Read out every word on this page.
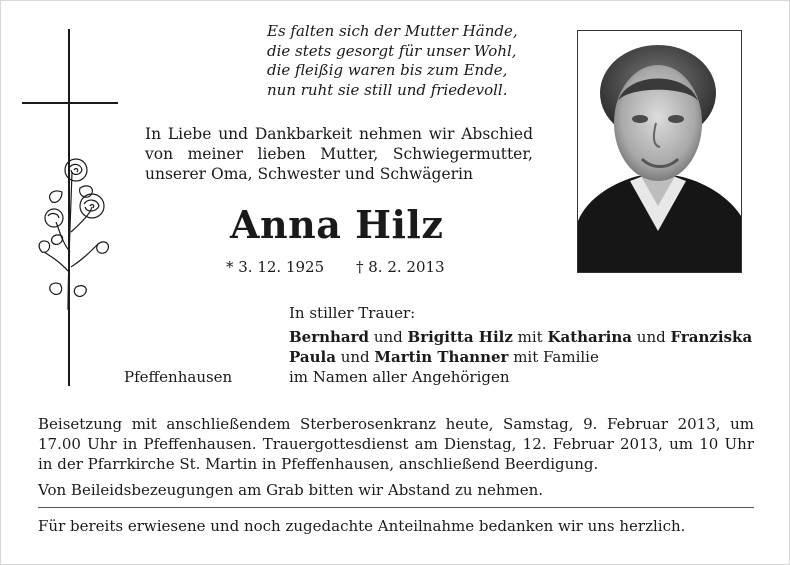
Es falten sich der Mutter Hände,
die stets gesorgt für unser Wohl,
die fleißig waren bis zum Ende,
nun ruht sie still und friedevoll.
In Liebe und Dankbarkeit nehmen wir Abschied
von meiner lieben Mutter, Schwiegermutter,
unserer Oma, Schwester und Schwägerin
Anna Hilz
* 3. 12. 1925 † 8. 2. 2013
In stiller Trauer:
Bernhard und Brigitta Hilz mit Katharina und Franziska
Paula und Martin Thanner mit Familie
im Namen aller Angehörigen
Pfeffenhausen
Beisetzung mit anschließendem Sterberosenkranz heute, Samstag, 9. Februar 2013, um
17.00 Uhr in Pfeffenhausen. Trauergottesdienst am Dienstag, 12. Februar 2013, um 10 Uhr
in der Pfarrkirche St. Martin in Pfeffenhausen, anschließend Beerdigung.
Von Beileidsbezeugungen am Grab bitten wir Abstand zu nehmen.
Für bereits erwiesene und noch zugedachte Anteilnahme bedanken wir uns herzlich.
